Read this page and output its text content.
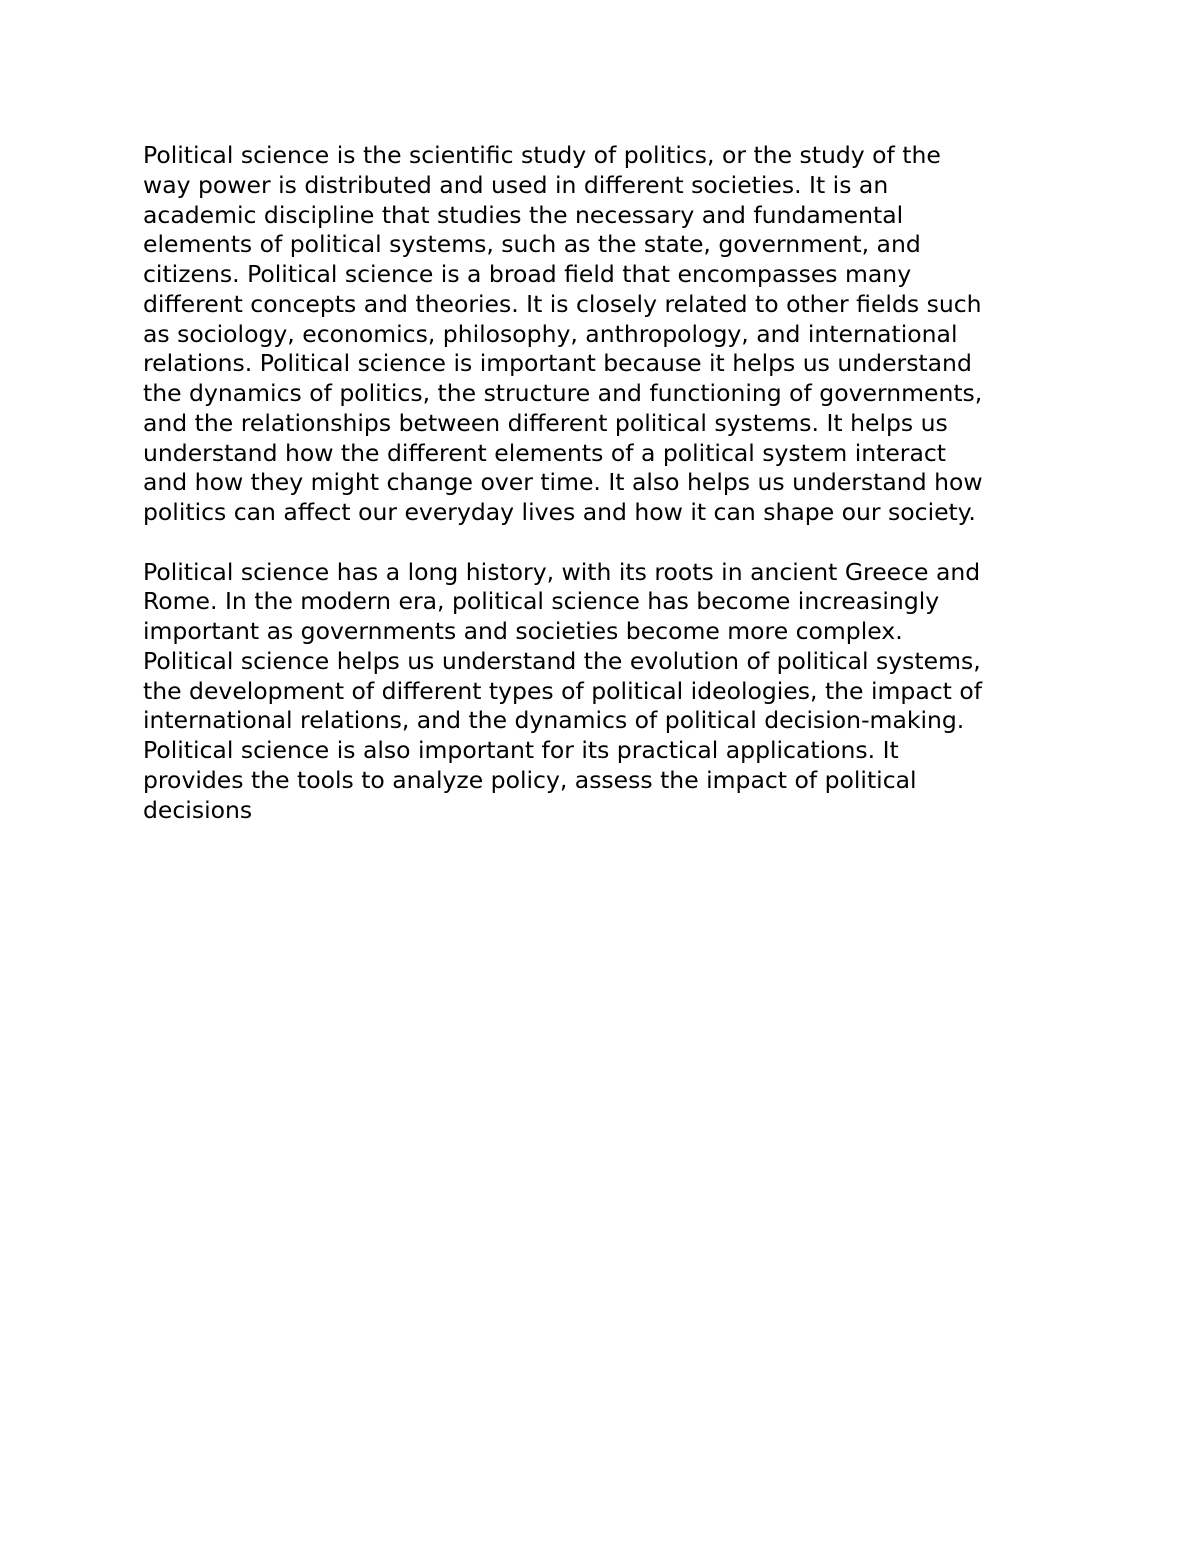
Political science is the scientific study of politics, or the study of the
way power is distributed and used in different societies. It is an
academic discipline that studies the necessary and fundamental
elements of political systems, such as the state, government, and
citizens. Political science is a broad field that encompasses many
different concepts and theories. It is closely related to other fields such
as sociology, economics, philosophy, anthropology, and international
relations. Political science is important because it helps us understand
the dynamics of politics, the structure and functioning of governments,
and the relationships between different political systems. It helps us
understand how the different elements of a political system interact
and how they might change over time. It also helps us understand how
politics can affect our everyday lives and how it can shape our society.

Political science has a long history, with its roots in ancient Greece and
Rome. In the modern era, political science has become increasingly
important as governments and societies become more complex.
Political science helps us understand the evolution of political systems,
the development of different types of political ideologies, the impact of
international relations, and the dynamics of political decision-making.
Political science is also important for its practical applications. It
provides the tools to analyze policy, assess the impact of political
decisions
